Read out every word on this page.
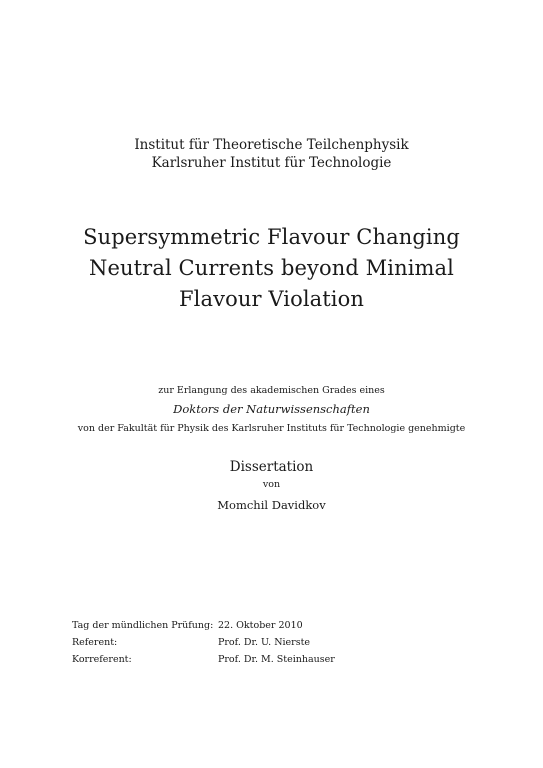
Institut für Theoretische Teilchenphysik
Karlsruher Institut für Technologie
Supersymmetric Flavour Changing
Neutral Currents beyond Minimal
Flavour Violation
zur Erlangung des akademischen Grades eines
Doktors der Naturwissenschaften
von der Fakultät für Physik des Karlsruher Instituts für Technologie genehmigte
Dissertation
von
Momchil Davidkov
Tag der mündlichen Prüfung: 22. Oktober 2010
Referent:	Prof. Dr. U. Nierste
Korreferent:	Prof. Dr. M. Steinhauser
